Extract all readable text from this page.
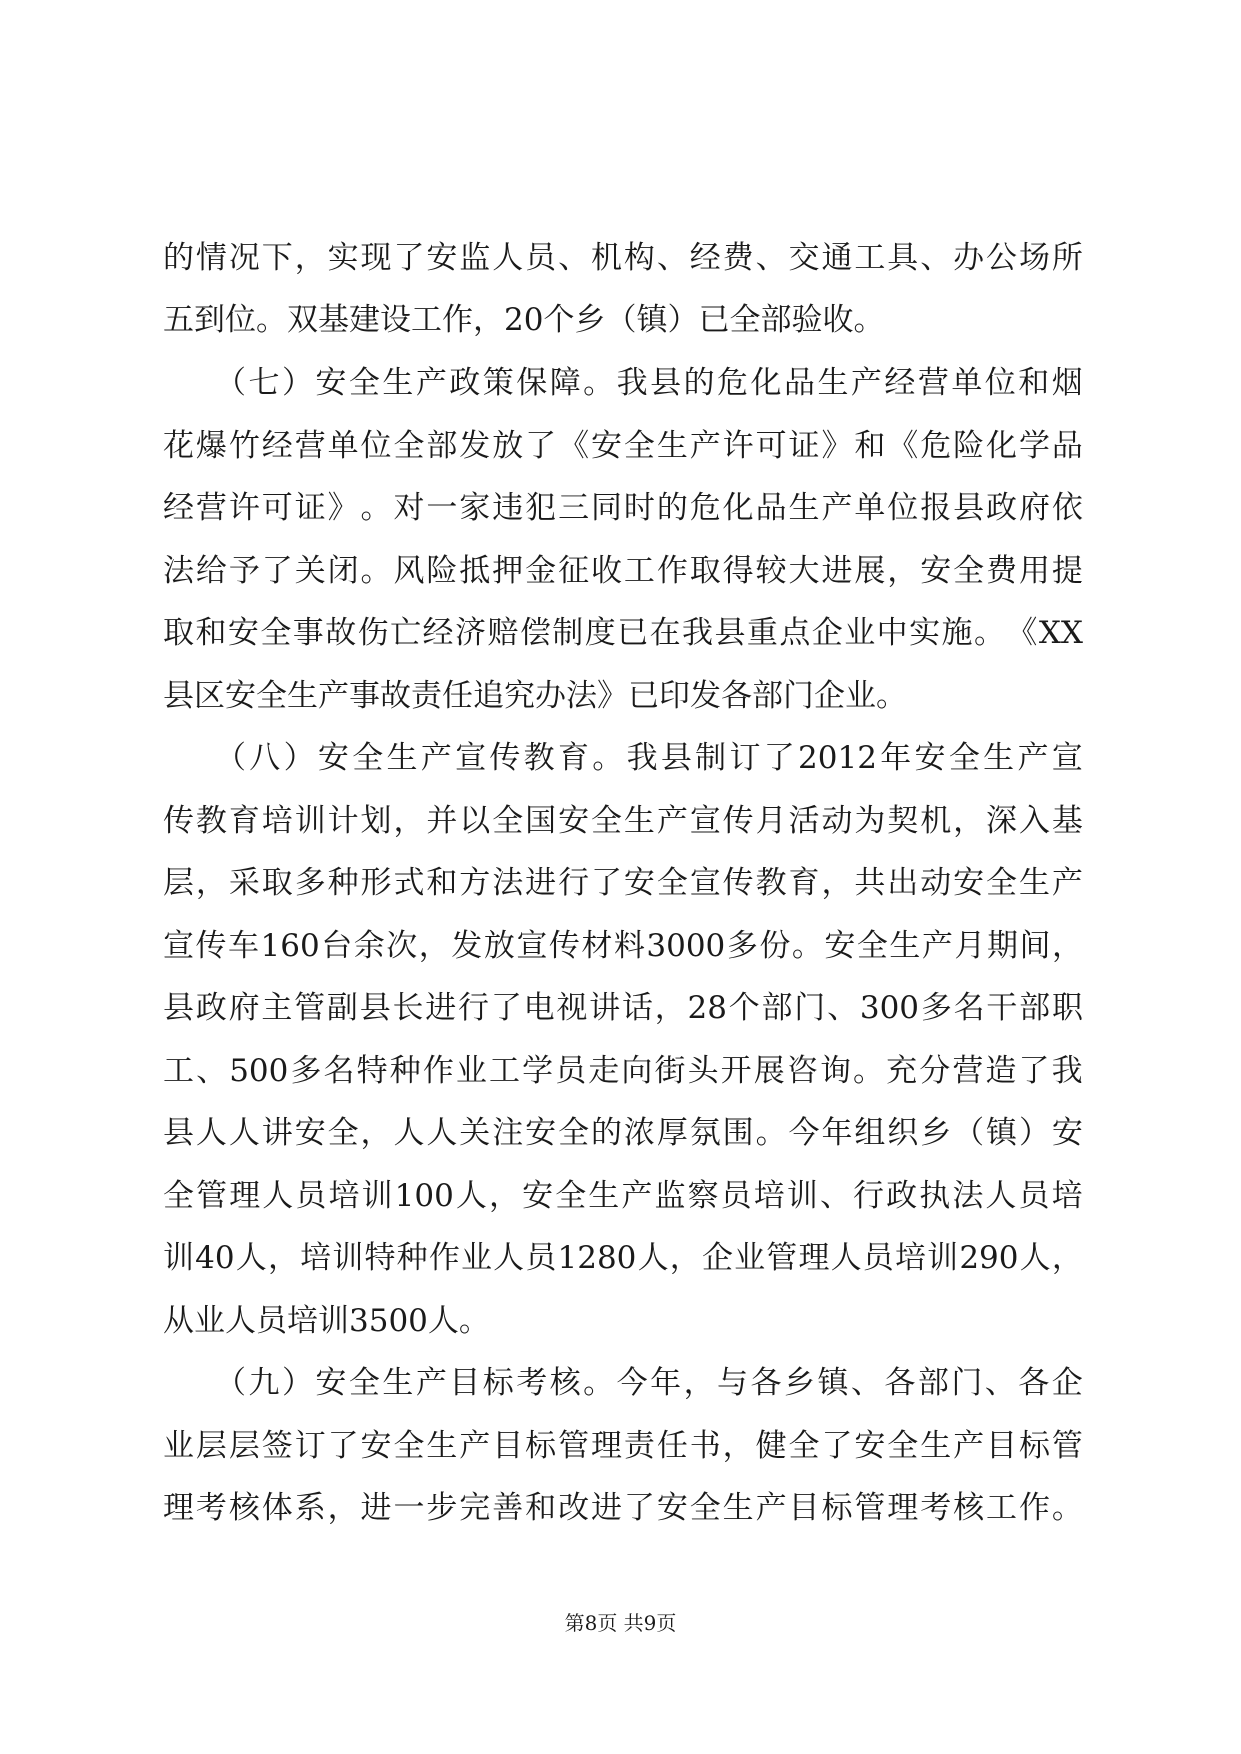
的 情 况 下 ， 实 现 了 安 监 人 员 、 机 构 、 经 费 、 交 通 工 具 、 办 公 场 所
五到位。双基建设工作，20个乡（镇）已全部验收。
（ 七 ） 安 全 生 产 政 策 保 障 。 我 县 的 危 化 品 生 产 经 营 单 位 和 烟
花 爆 竹 经 营 单 位 全 部 发 放 了 《 安 全 生 产 许 可 证 》 和 《 危 险 化 学 品
经 营 许 可 证 》 。 对 一 家 违 犯 三 同 时 的 危 化 品 生 产 单 位 报 县 政 府 依
法 给 予 了 关 闭 。 风 险 抵 押 金 征 收 工 作 取 得 较 大 进 展 ， 安 全 费 用 提
取 和 安 全 事 故 伤 亡 经 济 赔 偿 制 度 已 在 我 县 重 点 企 业 中 实 施 。 《 XX
县区安全生产事故责任追究办法》已印发各部门企业。
（ 八 ） 安 全 生 产 宣 传 教 育 。 我 县 制 订 了 2012 年 安 全 生 产 宣
传 教 育 培 训 计 划 ， 并 以 全 国 安 全 生 产 宣 传 月 活 动 为 契 机 ， 深 入 基
层 ， 采 取 多 种 形 式 和 方 法 进 行 了 安 全 宣 传 教 育 ， 共 出 动 安 全 生 产
宣 传 车 160 台 余 次 ， 发 放 宣 传 材 料 3000 多 份 。 安 全 生 产 月 期 间 ，
县 政 府 主 管 副 县 长 进 行 了 电 视 讲 话 ， 28 个 部 门 、 300 多 名 干 部 职
工 、 500 多 名 特 种 作 业 工 学 员 走 向 街 头 开 展 咨 询 。 充 分 营 造 了 我
县 人 人 讲 安 全 ， 人 人 关 注 安 全 的 浓 厚 氛 围 。 今 年 组 织 乡 （ 镇 ） 安
全 管 理 人 员 培 训 100 人 ， 安 全 生 产 监 察 员 培 训 、 行 政 执 法 人 员 培
训 40 人 ， 培 训 特 种 作 业 人 员 1280 人 ， 企 业 管 理 人 员 培 训 290 人 ，
从业人员培训3500人。
（ 九 ） 安 全 生 产 目 标 考 核 。 今 年 ， 与 各 乡 镇 、 各 部 门 、 各 企
业 层 层 签 订 了 安 全 生 产 目 标 管 理 责 任 书 ， 健 全 了 安 全 生 产 目 标 管
理 考 核 体 系 ， 进 一 步 完 善 和 改 进 了 安 全 生 产 目 标 管 理 考 核 工 作 。
第8页 共9页
